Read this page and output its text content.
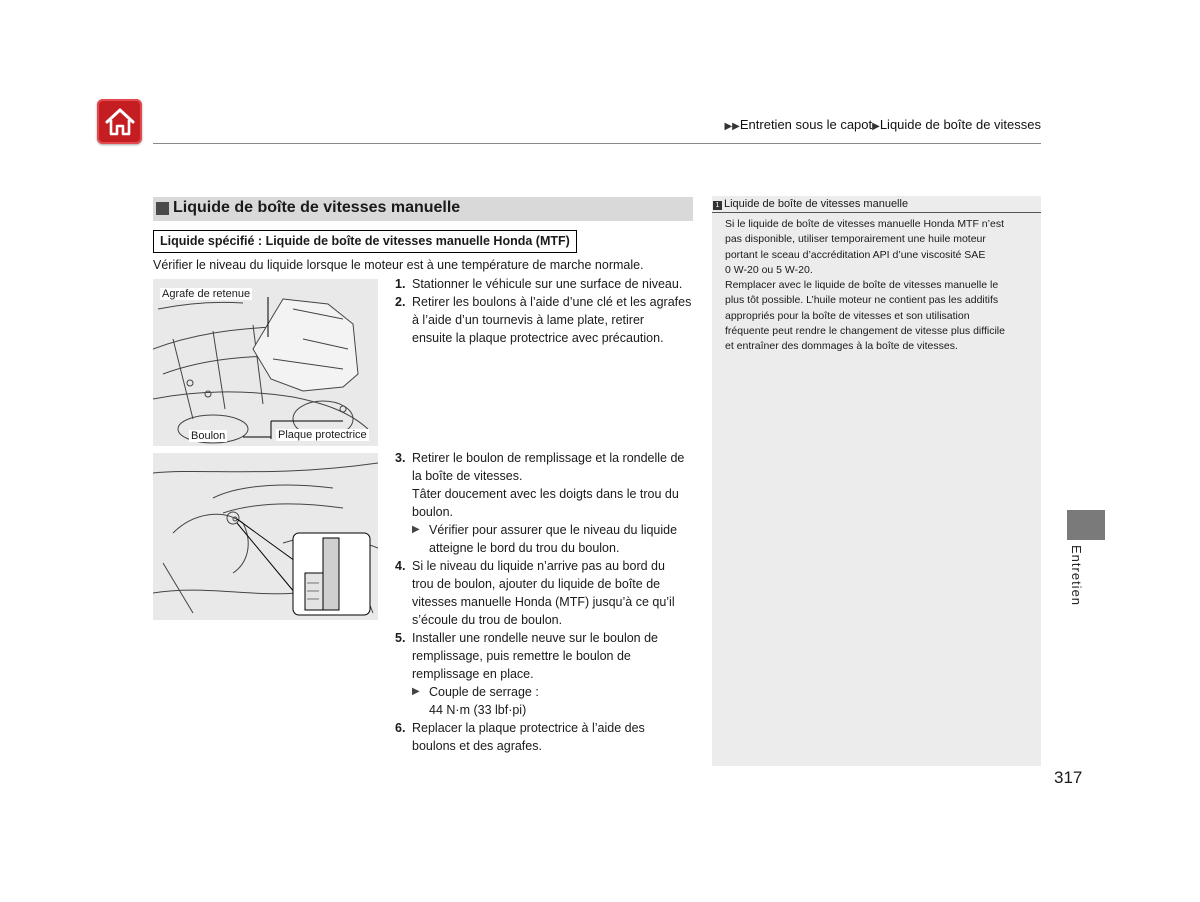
▶▶Entretien sous le capot▶Liquide de boîte de vitesses
Liquide de boîte de vitesses manuelle
Liquide spécifié : Liquide de boîte de vitesses manuelle Honda (MTF)
Vérifier le niveau du liquide lorsque le moteur est à une température de marche normale.
Agrafe de retenue
Boulon	Plaque protectrice
1. Stationner le véhicule sur une surface de niveau.
2. Retirer les boulons à l’aide d’une clé et les agrafes
à l’aide d’un tournevis à lame plate, retirer
ensuite la plaque protectrice avec précaution.
3. Retirer le boulon de remplissage et la rondelle de
la boîte de vitesses.
Tâter doucement avec les doigts dans le trou du
boulon.
▶ Vérifier pour assurer que le niveau du liquide
atteigne le bord du trou du boulon.
4. Si le niveau du liquide n’arrive pas au bord du
trou de boulon, ajouter du liquide de boîte de
vitesses manuelle Honda (MTF) jusqu’à ce qu’il
s’écoule du trou de boulon.
5. Installer une rondelle neuve sur le boulon de
remplissage, puis remettre le boulon de
remplissage en place.
▶ Couple de serrage :
44 N·m (33 lbf·pi)
6. Replacer la plaque protectrice à l’aide des
boulons et des agrafes.
1 Liquide de boîte de vitesses manuelle
Si le liquide de boîte de vitesses manuelle Honda MTF n’est
pas disponible, utiliser temporairement une huile moteur
portant le sceau d’accréditation API d’une viscosité SAE
0 W-20 ou 5 W-20.
Remplacer avec le liquide de boîte de vitesses manuelle le
plus tôt possible. L’huile moteur ne contient pas les additifs
appropriés pour la boîte de vitesses et son utilisation
fréquente peut rendre le changement de vitesse plus difficile
et entraîner des dommages à la boîte de vitesses.
Entretien
317
